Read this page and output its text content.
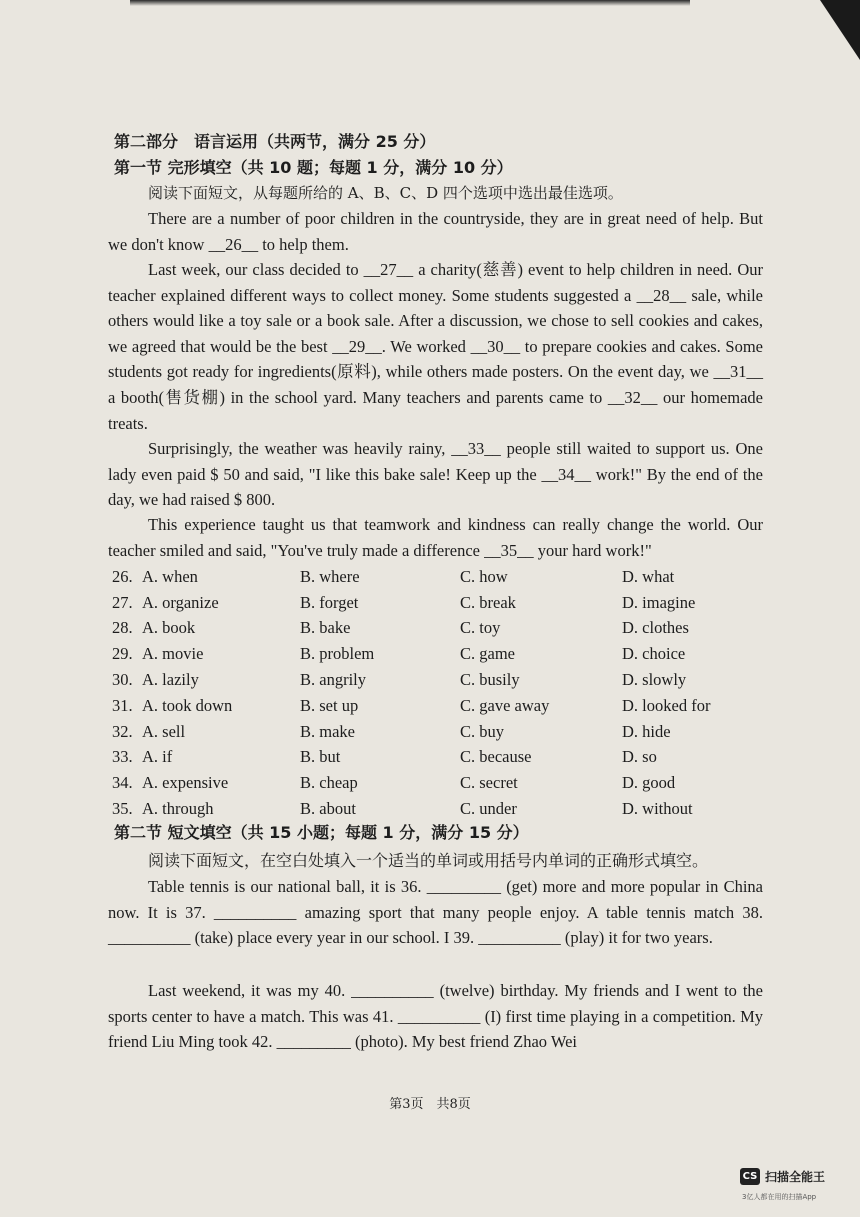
第二部分　语言运用（共两节，满分 25 分）
第一节 完形填空（共 10 题；每题 1 分，满分 10 分）

阅读下面短文，从每题所给的 A、B、C、D 四个选项中选出最佳选项。

There are a number of poor children in the countryside, they are in great need of help. But we don't know __26__ to help them.

Last week, our class decided to __27__ a charity(慈善) event to help children in need. Our teacher explained different ways to collect money. Some students suggested a __28__ sale, while others would like a toy sale or a book sale. After a discussion, we chose to sell cookies and cakes, we agreed that would be the best __29__. We worked __30__ to prepare cookies and cakes. Some students got ready for ingredients(原料), while others made posters. On the event day, we __31__ a booth(售货棚) in the school yard. Many teachers and parents came to __32__ our homemade treats.

Surprisingly, the weather was heavily rainy, __33__ people still waited to support us. One lady even paid $ 50 and said, "I like this bake sale! Keep up the __34__ work!" By the end of the day, we had raised $ 800.

This experience taught us that teamwork and kindness can really change the world. Our teacher smiled and said, "You've truly made a difference __35__ your hard work!"

26. A. when	B. where	C. how	D. what
27. A. organize	B. forget	C. break	D. imagine
28. A. book	B. bake	C. toy	D. clothes
29. A. movie	B. problem	C. game	D. choice
30. A. lazily	B. angrily	C. busily	D. slowly
31. A. took down	B. set up	C. gave away	D. looked for
32. A. sell	B. make	C. buy	D. hide
33. A. if	B. but	C. because	D. so
34. A. expensive	B. cheap	C. secret	D. good
35. A. through	B. about	C. under	D. without
第二节 短文填空（共 15 小题；每题 1 分，满分 15 分）

阅读下面短文，在空白处填入一个适当的单词或用括号内单词的正确形式填空。

Table tennis is our national ball, it is 36. _________ (get) more and more popular in China now. It is 37. __________ amazing sport that many people enjoy. A table tennis match 38. __________ (take) place every year in our school. I 39. __________ (play) it for two years.

Last weekend, it was my 40. __________ (twelve) birthday. My friends and I went to the sports center to have a match. This was 41. __________ (I) first time playing in a competition. My friend Liu Ming took 42. _________ (photo). My best friend Zhao Wei

第3页　共8页
CS 扫描全能王
3亿人都在用的扫描App
